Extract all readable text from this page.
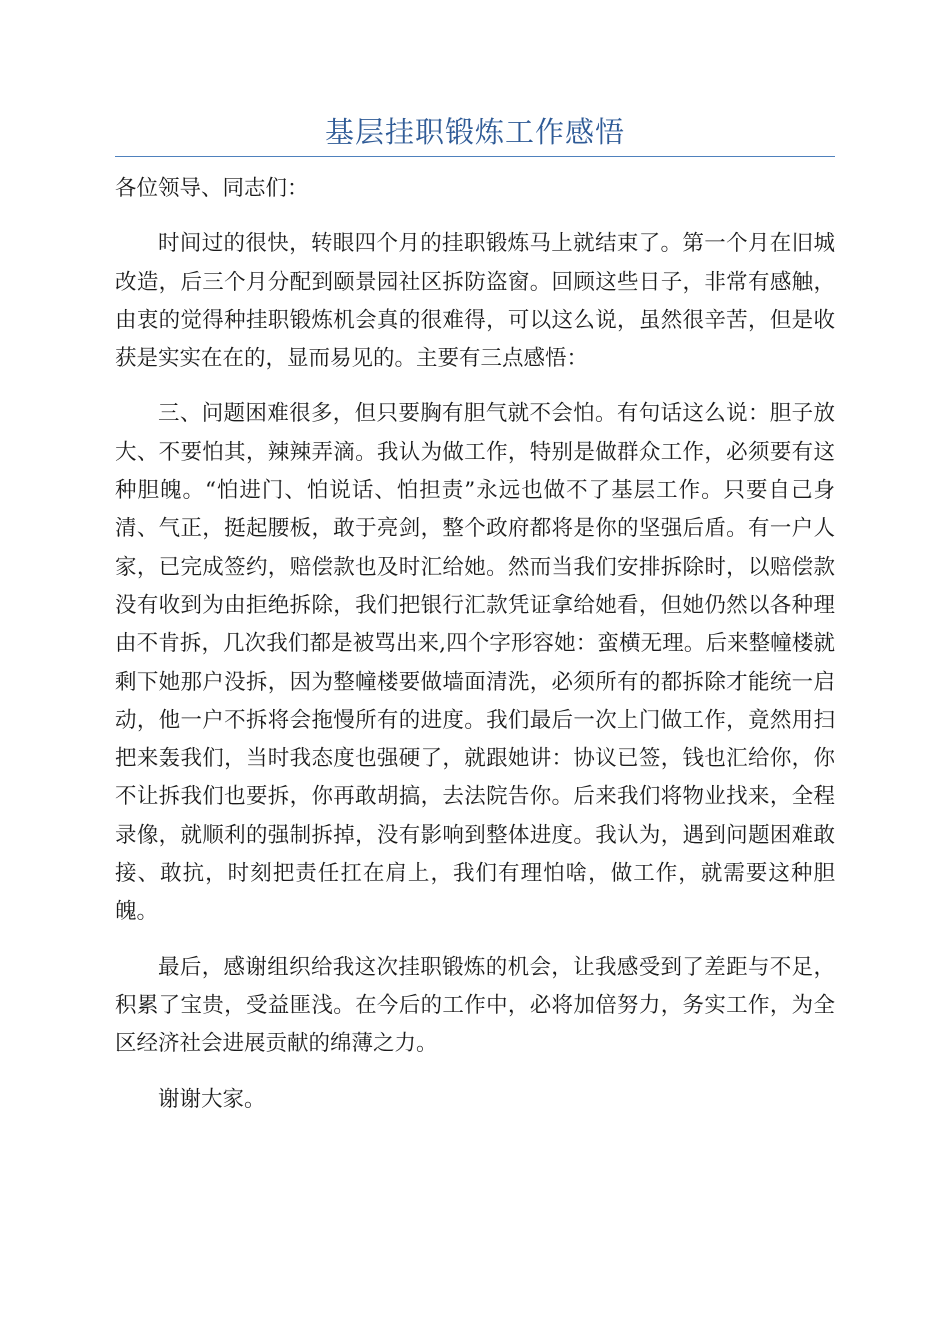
基层挂职锻炼工作感悟

各位领导、同志们：

时间过的很快，转眼四个月的挂职锻炼马上就结束了。第一个月在旧城改造，后三个月分配到颐景园社区拆防盗窗。回顾这些日子，非常有感触，由衷的觉得种挂职锻炼机会真的很难得，可以这么说，虽然很辛苦，但是收获是实实在在的，显而易见的。主要有三点感悟：

三、问题困难很多，但只要胸有胆气就不会怕。有句话这么说：胆子放大、不要怕其，辣辣弄滴。我认为做工作，特别是做群众工作，必须要有这种胆魄。“怕进门、怕说话、怕担责”永远也做不了基层工作。只要自己身清、气正，挺起腰板，敢于亮剑，整个政府都将是你的坚强后盾。有一户人家，已完成签约，赔偿款也及时汇给她。然而当我们安排拆除时，以赔偿款没有收到为由拒绝拆除，我们把银行汇款凭证拿给她看，但她仍然以各种理由不肯拆，几次我们都是被骂出来,四个字形容她：蛮横无理。后来整幢楼就剩下她那户没拆，因为整幢楼要做墙面清洗，必须所有的都拆除才能统一启动，他一户不拆将会拖慢所有的进度。我们最后一次上门做工作，竟然用扫把来轰我们，当时我态度也强硬了，就跟她讲：协议已签，钱也汇给你，你不让拆我们也要拆，你再敢胡搞，去法院告你。后来我们将物业找来，全程录像，就顺利的强制拆掉，没有影响到整体进度。我认为，遇到问题困难敢接、敢抗，时刻把责任扛在肩上，我们有理怕啥，做工作，就需要这种胆魄。

最后，感谢组织给我这次挂职锻炼的机会，让我感受到了差距与不足，积累了宝贵，受益匪浅。在今后的工作中，必将加倍努力，务实工作，为全区经济社会进展贡献的绵薄之力。

谢谢大家。
